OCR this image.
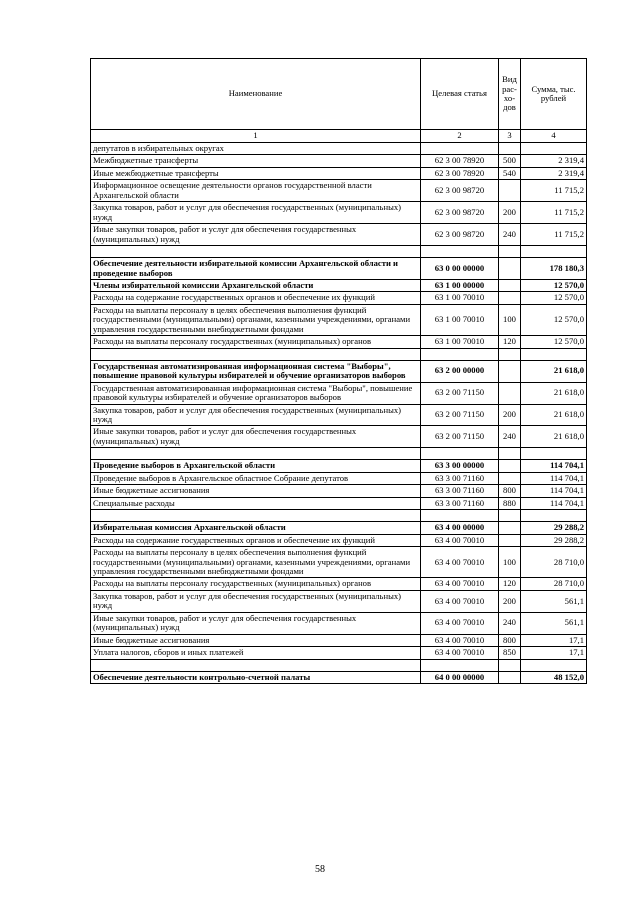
Наименование	Целевая статья	Вид рас-хо-дов	Сумма, тыс. рублей
1	2	3	4
депутатов в избирательных округах			
Межбюджетные трансферты	62 3 00 78920	500	2 319,4
Иные межбюджетные трансферты	62 3 00 78920	540	2 319,4
Информационное освещение деятельности органов государственной власти Архангельской области	62 3 00 98720		11 715,2
Закупка товаров, работ и услуг для обеспечения государственных (муниципальных) нужд	62 3 00 98720	200	11 715,2
Иные закупки товаров, работ и услуг для обеспечения государственных (муниципальных) нужд	62 3 00 98720	240	11 715,2

Обеспечение деятельности избирательной комиссии Архангельской области и проведение выборов	63 0 00 00000		178 180,3
Члены избирательной комиссии Архангельской области	63 1 00 00000		12 570,0
Расходы на содержание государственных органов и обеспечение их функций	63 1 00 70010		12 570,0
Расходы на выплаты персоналу в целях обеспечения выполнения функций государственными (муниципальными) органами, казенными учреждениями, органами управления государственными внебюджетными фондами	63 1 00 70010	100	12 570,0
Расходы на выплаты персоналу государственных (муниципальных) органов	63 1 00 70010	120	12 570,0

Государственная автоматизированная информационная система "Выборы", повышение правовой культуры избирателей и обучение организаторов выборов	63 2 00 00000		21 618,0
Государственная автоматизированная информационная система "Выборы", повышение правовой культуры избирателей и обучение организаторов выборов	63 2 00 71150		21 618,0
Закупка товаров, работ и услуг для обеспечения государственных (муниципальных) нужд	63 2 00 71150	200	21 618,0
Иные закупки товаров, работ и услуг для обеспечения государственных (муниципальных) нужд	63 2 00 71150	240	21 618,0

Проведение выборов в Архангельской области	63 3 00 00000		114 704,1
Проведение выборов в Архангельское областное Собрание депутатов	63 3 00 71160		114 704,1
Иные бюджетные ассигнования	63 3 00 71160	800	114 704,1
Специальные расходы	63 3 00 71160	880	114 704,1

Избирательная комиссия Архангельской области	63 4 00 00000		29 288,2
Расходы на содержание государственных органов и обеспечение их функций	63 4 00 70010		29 288,2
Расходы на выплаты персоналу в целях обеспечения выполнения функций государственными (муниципальными) органами, казенными учреждениями, органами управления государственными внебюджетными фондами	63 4 00 70010	100	28 710,0
Расходы на выплаты персоналу государственных (муниципальных) органов	63 4 00 70010	120	28 710,0
Закупка товаров, работ и услуг для обеспечения государственных (муниципальных) нужд	63 4 00 70010	200	561,1
Иные закупки товаров, работ и услуг для обеспечения государственных (муниципальных) нужд	63 4 00 70010	240	561,1
Иные бюджетные ассигнования	63 4 00 70010	800	17,1
Уплата налогов, сборов и иных платежей	63 4 00 70010	850	17,1

Обеспечение деятельности контрольно-счетной палаты	64 0 00 00000		48 152,0
58
